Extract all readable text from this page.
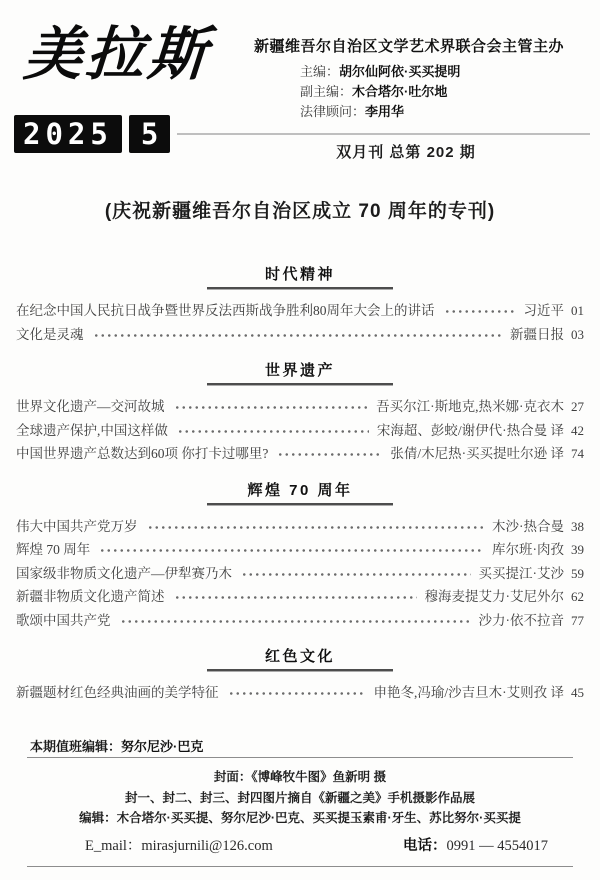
美拉斯	新疆维吾尔自治区文学艺术界联合会主管主办
主编：胡尔仙阿依·买买提明
副主编：木合塔尔·吐尔地
法律顾问：李用华
2025 5
双月刊 总第 202 期
(庆祝新疆维吾尔自治区成立 70 周年的专刊)
时代精神
在纪念中国人民抗日战争暨世界反法西斯战争胜利80周年大会上的讲话	习近平 01
文化是灵魂	新疆日报 03
世界遗产
世界文化遗产—交河故城	吾买尔江·斯地克,热米娜·克衣木 27
全球遗产保护,中国这样做	宋海超、彭蛟/谢伊代·热合曼 译 42
中国世界遗产总数达到60项 你打卡过哪里?	张倩/木尼热·买买提吐尔逊 译 74
辉煌 70 周年
伟大中国共产党万岁	木沙·热合曼 38
辉煌 70 周年	库尔班·肉孜 39
国家级非物质文化遗产—伊犁赛乃木	买买提江·艾沙 59
新疆非物质文化遗产简述	穆海麦提艾力·艾尼外尔 62
歌颂中国共产党	沙力·依不拉音 77
红色文化
新疆题材红色经典油画的美学特征	申艳冬,冯瑜/沙吉旦木·艾则孜 译 45
本期值班编辑：努尔尼沙·巴克
封面：《博峰牧牛图》鱼新明 摄
封一、封二、封三、封四图片摘自《新疆之美》手机摄影作品展
编辑：木合塔尔·买买提、努尔尼沙·巴克、买买提玉素甫·牙生、苏比努尔·买买提
E_mail：mirasjurnili@126.com	电话：0991 — 4554017
